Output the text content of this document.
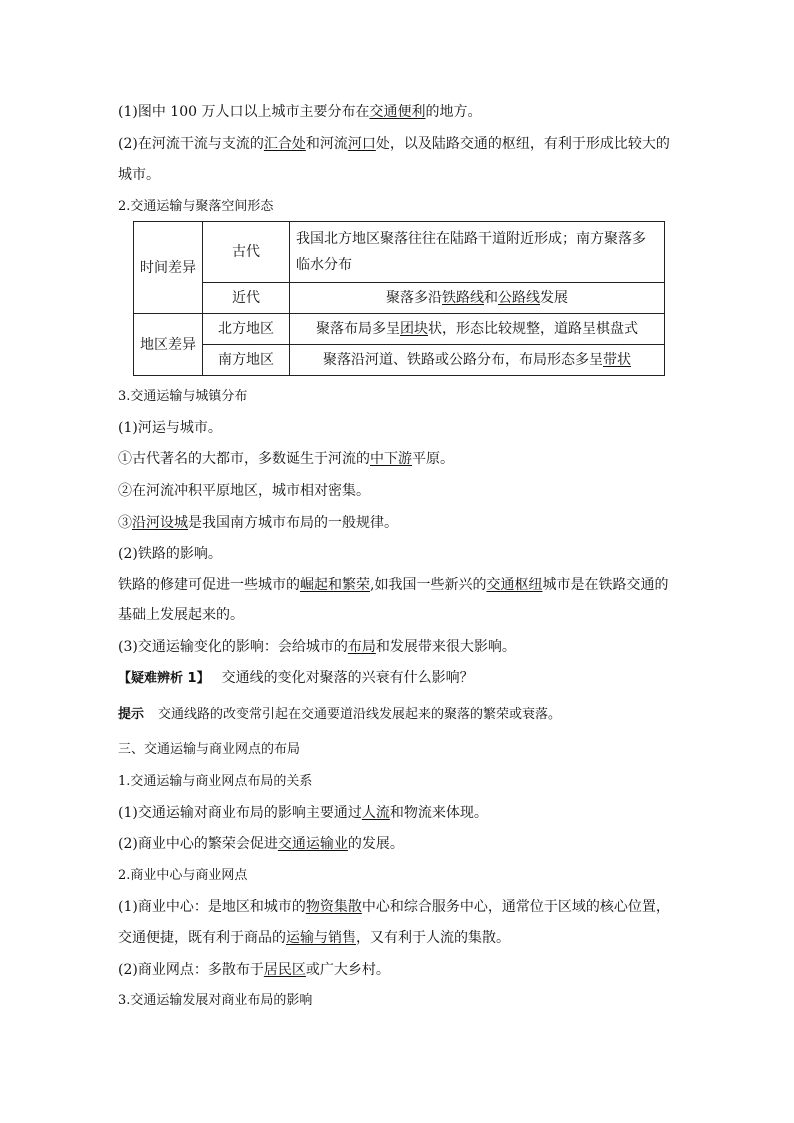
(1)图中 100 万人口以上城市主要分布在交通便利的地方。
(2)在河流干流与支流的汇合处和河流河口处，以及陆路交通的枢纽，有利于形成比较大的
城市。
2.交通运输与聚落空间形态
时间差异	古代	我国北方地区聚落往往在陆路干道附近形成；南方聚落多临水分布
	近代	聚落多沿铁路线和公路线发展
地区差异	北方地区	聚落布局多呈团块状，形态比较规整，道路呈棋盘式
	南方地区	聚落沿河道、铁路或公路分布，布局形态多呈带状
3.交通运输与城镇分布
(1)河运与城市。
①古代著名的大都市，多数诞生于河流的中下游平原。
②在河流冲积平原地区，城市相对密集。
③沿河设城是我国南方城市布局的一般规律。
(2)铁路的影响。
铁路的修建可促进一些城市的崛起和繁荣,如我国一些新兴的交通枢纽城市是在铁路交通的
基础上发展起来的。
(3)交通运输变化的影响：会给城市的布局和发展带来很大影响。
【疑难辨析 1】 交通线的变化对聚落的兴衰有什么影响？
提示 交通线路的改变常引起在交通要道沿线发展起来的聚落的繁荣或衰落。
三、交通运输与商业网点的布局
1.交通运输与商业网点布局的关系
(1)交通运输对商业布局的影响主要通过人流和物流来体现。
(2)商业中心的繁荣会促进交通运输业的发展。
2.商业中心与商业网点
(1)商业中心：是地区和城市的物资集散中心和综合服务中心，通常位于区域的核心位置，
交通便捷，既有利于商品的运输与销售，又有利于人流的集散。
(2)商业网点：多散布于居民区或广大乡村。
3.交通运输发展对商业布局的影响
